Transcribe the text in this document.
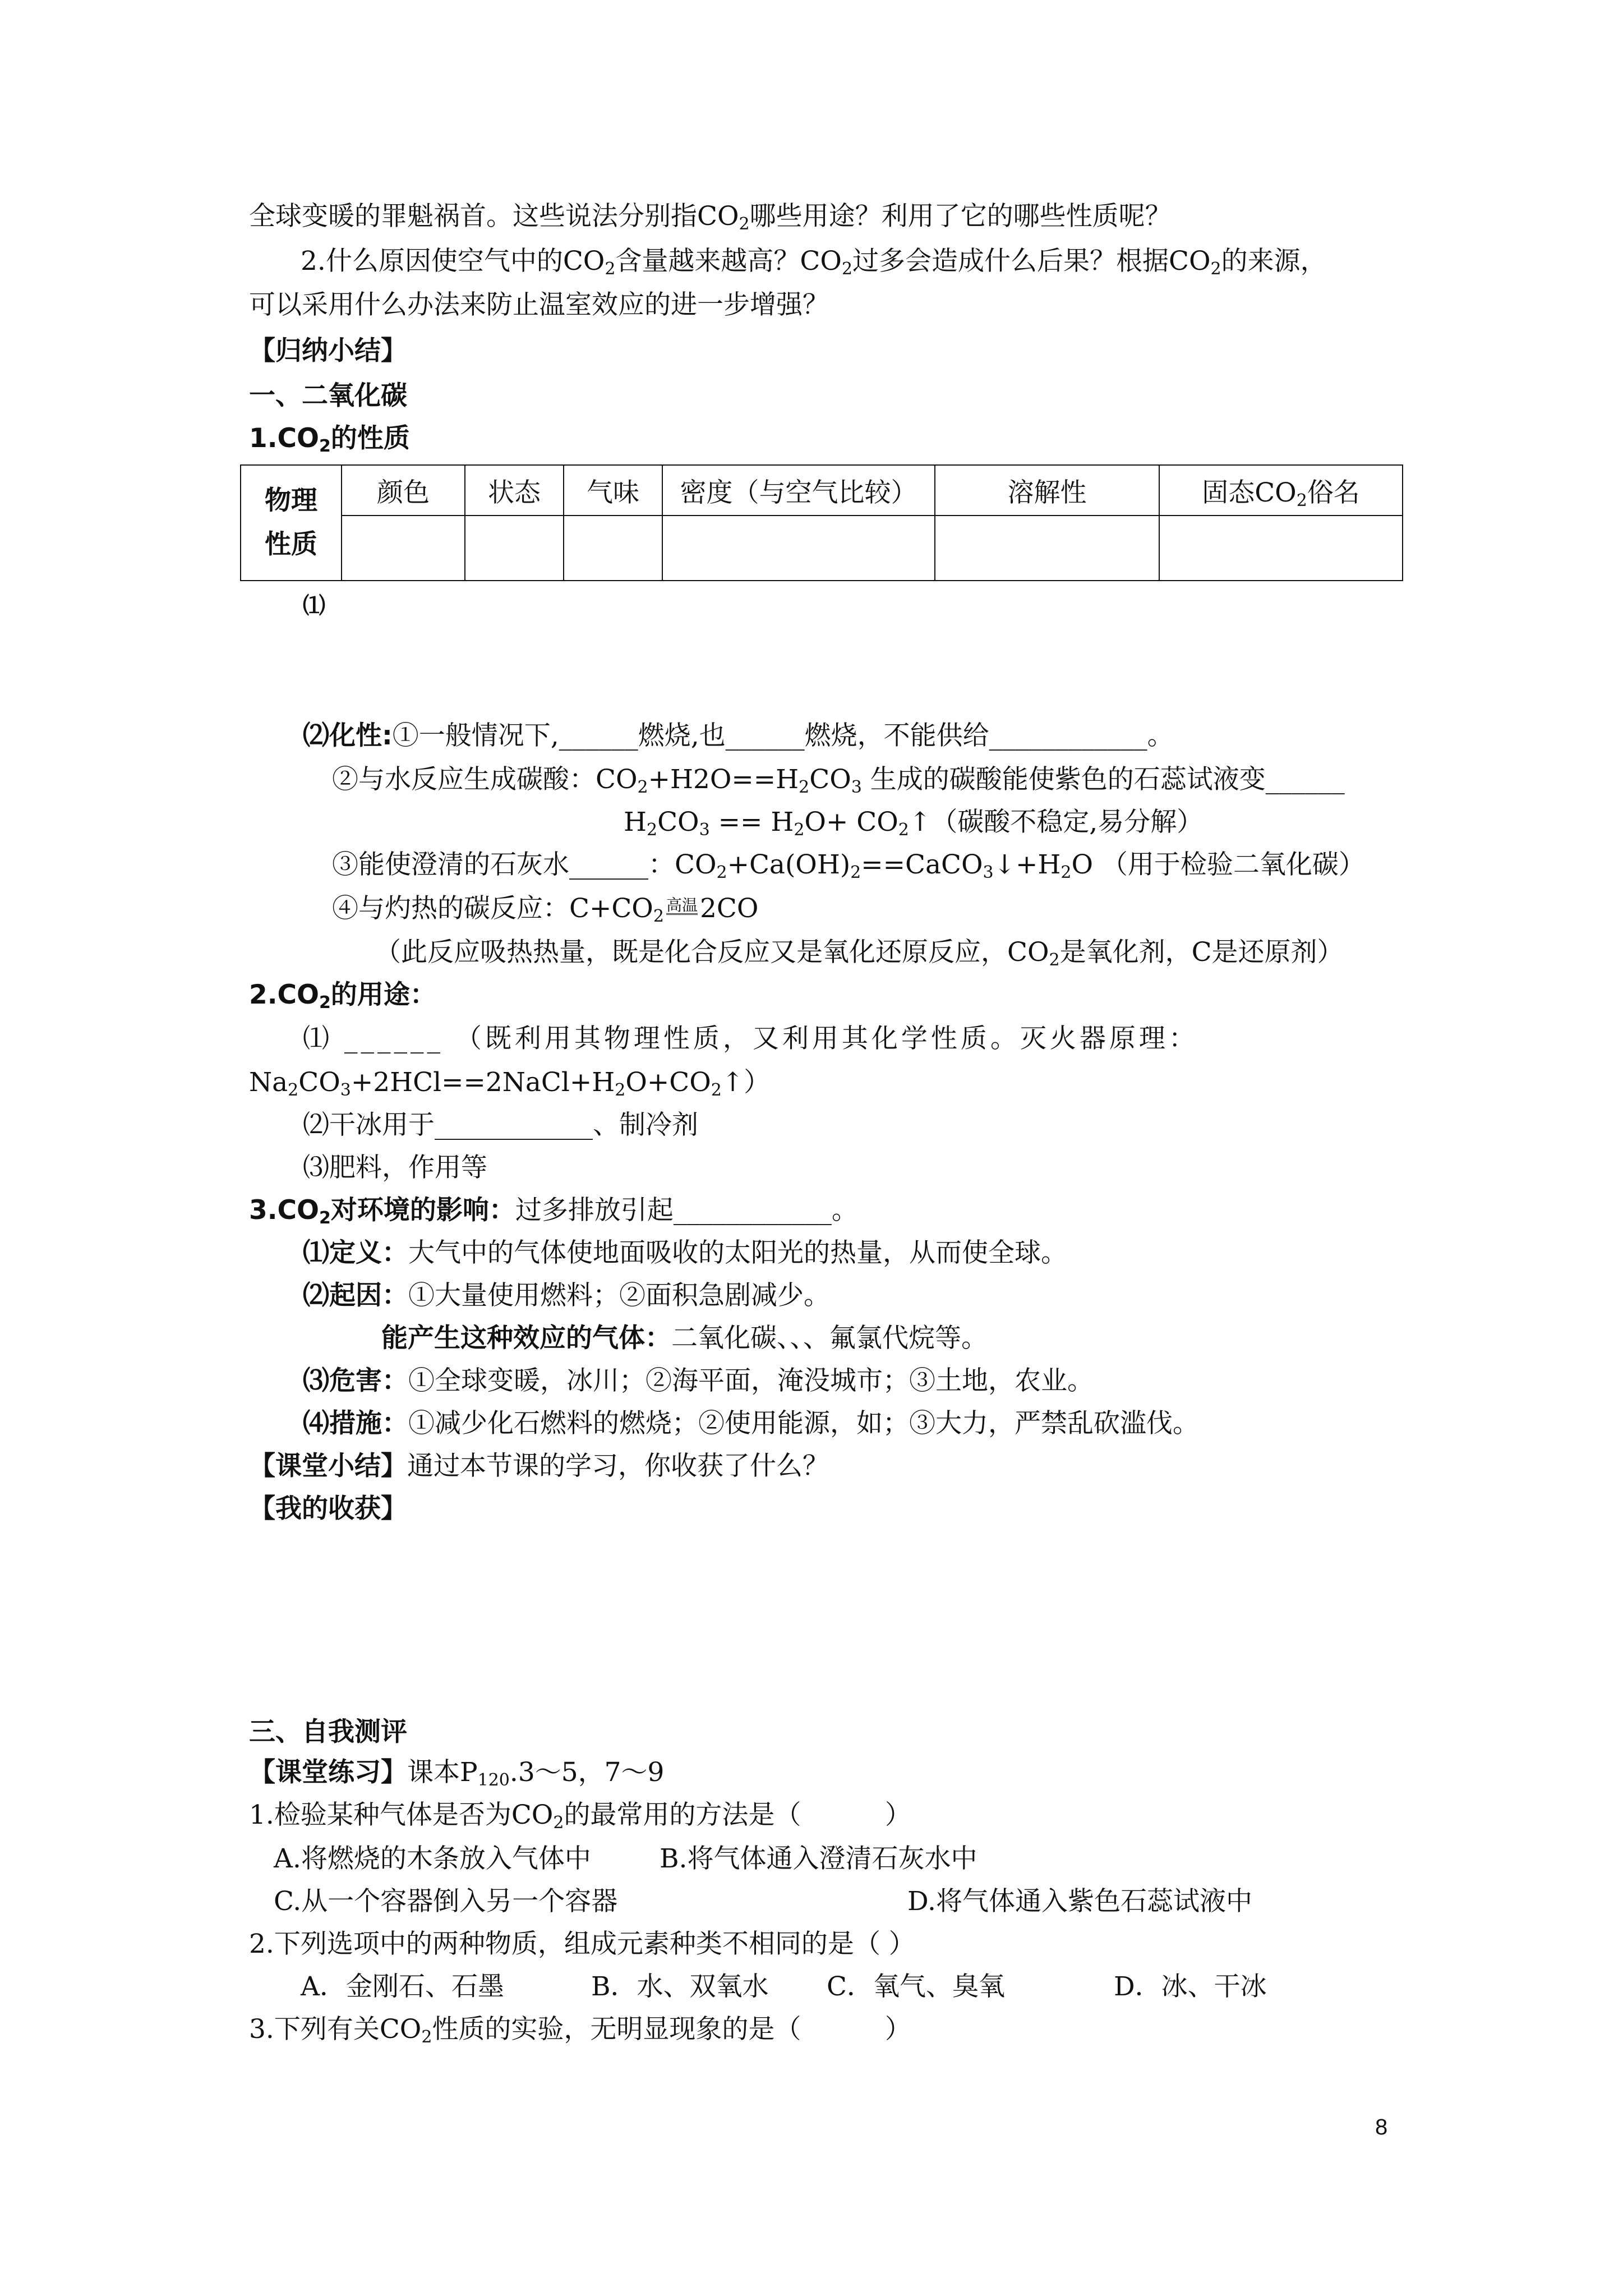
全球变暖的罪魁祸首。这些说法分别指$CO_2$哪些用途？利用了它的哪些性质呢？
2.什么原因使空气中的$CO_2$含量越来越高？$CO_2$过多会造成什么后果？根据$CO_2$的来源，
可以采用什么办法来防止温室效应的进一步增强？
【归纳小结】
一、二氧化碳
$1.CO_2$的性质
物理
性质	颜色	状态	气味	密度（与空气比较）	溶解性	固态$CO_2$俗名

⑴
⑵化性:①一般情况下,______燃烧,也______燃烧，不能供给____________。
②与水反应生成碳酸：$CO_2+H2O==H_2CO_3$ 生成的碳酸能使紫色的石蕊试液变______
$H_2CO_3 == H_2O+$ $CO_2↑$（碳酸不稳定,易分解）
③能使澄清的石灰水______：$CO_2+Ca(OH)_2==CaCO_3↓+H_2O$ （用于检验二氧化碳）
④与灼热的碳反应：$C+CO_2$高温2CO
（此反应吸热热量，既是化合反应又是氧化还原反应，$CO_2$是氧化剂，C是还原剂）
$2.CO_2$的用途：
⑴ ______ （既利用其物理性质，又利用其化学性质。灭火器原理：
$Na_2CO_3+2HCl==2NaCl+H_2O+CO_2↑$）
⑵干冰用于____________、制冷剂
⑶肥料，作用等
$3.CO_2$对环境的影响：过多排放引起____________。
⑴定义：大气中的气体使地面吸收的太阳光的热量，从而使全球。
⑵起因：①大量使用燃料；②面积急剧减少。
能产生这种效应的气体：二氧化碳、、、氟氯代烷等。
⑶危害：①全球变暖，冰川；②海平面，淹没城市；③土地，农业。
⑷措施：①减少化石燃料的燃烧；②使用能源，如；③大力，严禁乱砍滥伐。
【课堂小结】通过本节课的学习，你收获了什么？
【我的收获】
三、自我测评
【课堂练习】课本$P_{120}.3\sim 5$，7～9
1.检验某种气体是否为$CO_2$的最常用的方法是（          ）
A.将燃烧的木条放入气体中	B.将气体通入澄清石灰水中
C.从一个容器倒入另一个容器	D.将气体通入紫色石蕊试液中
2.下列选项中的两种物质，组成元素种类不相同的是（ ）
A．金刚石、石墨	B．水、双氧水 C．氧气、臭氧	D．冰、干冰
3.下列有关$CO_2$性质的实验，无明显现象的是（          ）
8
